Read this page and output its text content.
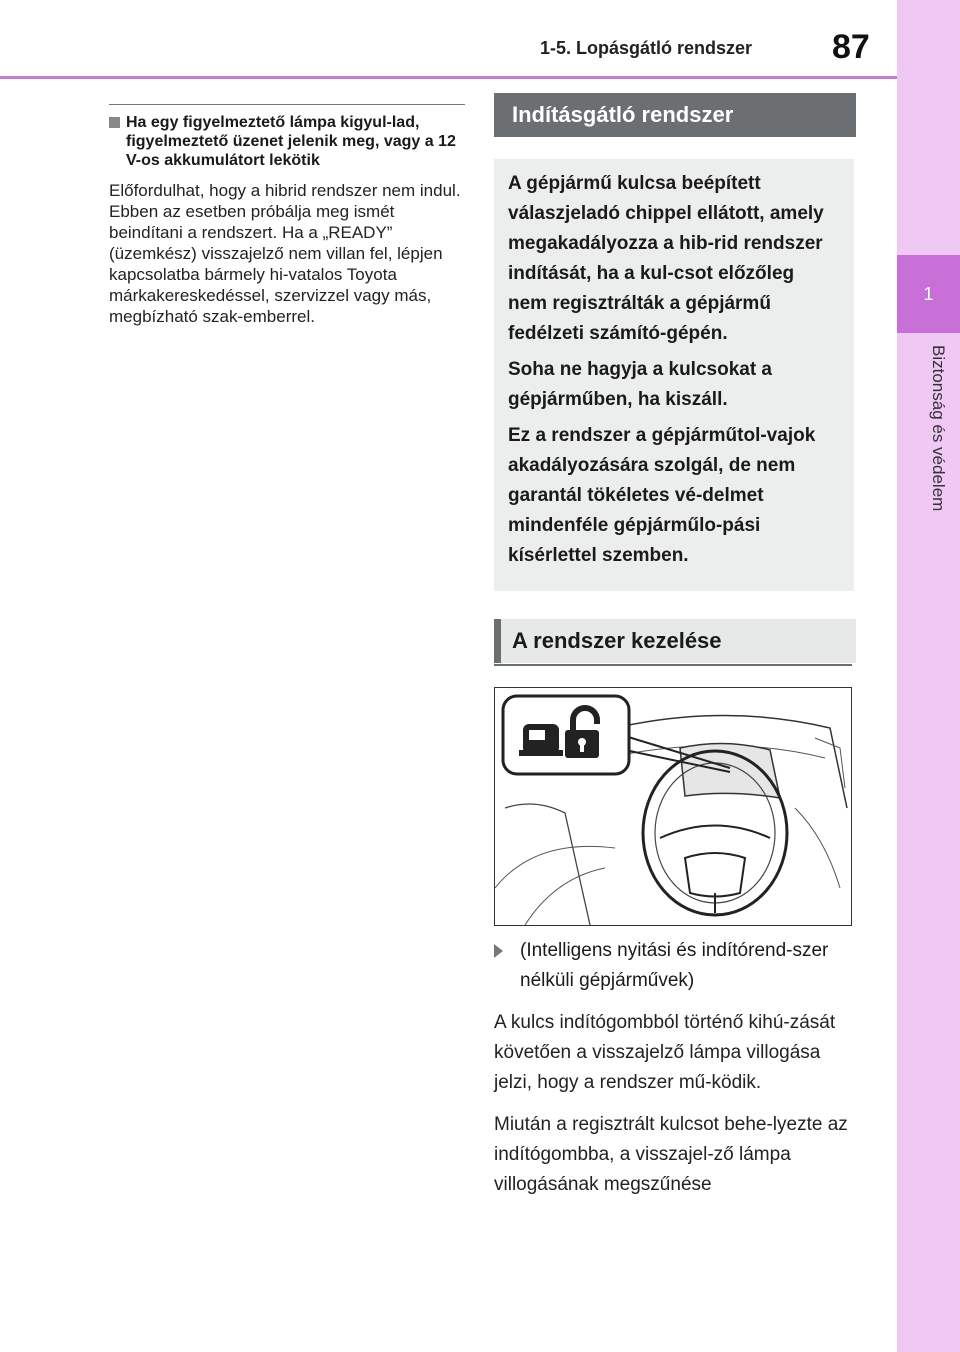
1-5. Lopásgátló rendszer 87
1
Biztonság és védelem
Ha egy figyelmeztető lámpa kigyul-lad, figyelmeztető üzenet jelenik meg, vagy a 12 V-os akkumulátort lekötik
Előfordulhat, hogy a hibrid rendszer nem indul. Ebben az esetben próbálja meg ismét beindítani a rendszert. Ha a „READY” (üzemkész) visszajelző nem villan fel, lépjen kapcsolatba bármely hi-vatalos Toyota márkakereskedéssel, szervizzel vagy más, megbízható szak-emberrel.
Indításgátló rendszer

A gépjármű kulcsa beépített válaszjeladó chippel ellátott, amely megakadályozza a hib-rid rendszer indítását, ha a kul-csot előzőleg nem regisztrálták a gépjármű fedélzeti számító-gépén.

Soha ne hagyja a kulcsokat a gépjárműben, ha kiszáll.

Ez a rendszer a gépjárműtol-vajok akadályozására szolgál, de nem garantál tökéletes vé-delmet mindenféle gépjárműlo-pási kísérlettel szemben.

A rendszer kezelése
(Intelligens nyitási és indítórend-szer nélküli gépjárművek)
A kulcs indítógombból történő kihú-zását követően a visszajelző lámpa villogása jelzi, hogy a rendszer mű-ködik.
Miután a regisztrált kulcsot behe-lyezte az indítógombba, a visszajel-ző lámpa villogásának megszűnése
